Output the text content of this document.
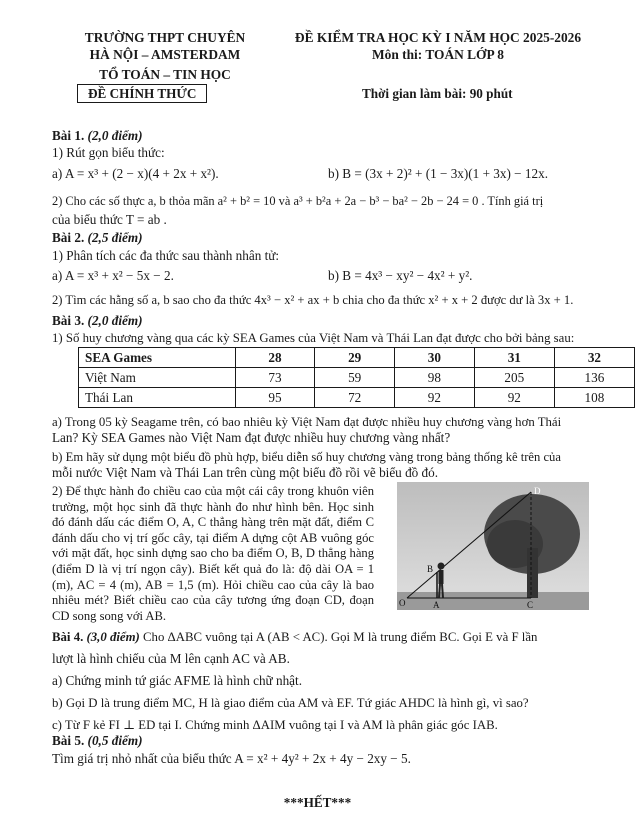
TRƯỜNG THPT CHUYÊN
HÀ NỘI – AMSTERDAM
TỔ TOÁN – TIN HỌC
ĐỀ CHÍNH THỨC
ĐỀ KIỂM TRA HỌC KỲ I NĂM HỌC 2025-2026
Môn thi: TOÁN LỚP 8
Thời gian làm bài: 90 phút
Bài 1. (2,0 điểm)
1) Rút gọn biểu thức:
a) A = x³ + (2 − x)(4 + 2x + x²).	b) B = (3x + 2)² + (1 − 3x)(1 + 3x) − 12x.
2) Cho các số thực a, b thỏa mãn a² + b² = 10 và a³ + b²a + 2a − b³ − ba² − 2b − 24 = 0 . Tính giá trị
của biểu thức T = ab .
Bài 2. (2,5 điểm)
1) Phân tích các đa thức sau thành nhân tử:
a) A = x³ + x² − 5x − 2.	b) B = 4x³ − xy² − 4x² + y².
2) Tìm các hằng số a, b sao cho đa thức 4x³ − x² + ax + b chia cho đa thức x² + x + 2 được dư là 3x + 1.
Bài 3. (2,0 điểm)
1) Số huy chương vàng qua các kỳ SEA Games của Việt Nam và Thái Lan đạt được cho bởi bảng sau:
SEA Games	28	29	30	31	32
Việt Nam	73	59	98	205	136
Thái Lan	95	72	92	92	108
a) Trong 05 kỳ Seagame trên, có bao nhiêu kỳ Việt Nam đạt được nhiều huy chương vàng hơn Thái
Lan? Kỳ SEA Games nào Việt Nam đạt được nhiều huy chương vàng nhất?
b) Em hãy sử dụng một biểu đồ phù hợp, biểu diễn số huy chương vàng trong bảng thống kê trên của
mỗi nước Việt Nam và Thái Lan trên cùng một biểu đồ rồi vẽ biểu đồ đó.
2) Để thực hành đo chiều cao của một cái cây trong khuôn viên trường, một học sinh đã thực hành đo như hình bên. Học sinh đó đánh dấu các điểm O, A, C thẳng hàng trên mặt đất, điểm C đánh dấu cho vị trí gốc cây, tại điểm A dựng cột AB vuông góc với mặt đất, học sinh dựng sao cho ba điểm O, B, D thẳng hàng (điểm D là vị trí ngọn cây). Biết kết quả đo là: độ dài OA = 1 (m), AC = 4 (m), AB = 1,5 (m). Hỏi chiều cao của cây là bao nhiêu mét? Biết chiều cao của cây tương ứng đoạn CD, đoạn CD song song với AB.
O	A
B
C
D
Bài 4. (3,0 điểm) Cho ΔABC vuông tại A (AB < AC). Gọi M là trung điểm BC. Gọi E và F lần
lượt là hình chiếu của M lên cạnh AC và AB.
a) Chứng minh tứ giác AFME là hình chữ nhật.
b) Gọi D là trung điểm MC, H là giao điểm của AM và EF. Tứ giác AHDC là hình gì, vì sao?
c) Từ F kẻ FI ⊥ ED tại I. Chứng minh ΔAIM vuông tại I và AM là phân giác góc IAB.
Bài 5. (0,5 điểm)
Tìm giá trị nhỏ nhất của biểu thức A = x² + 4y² + 2x + 4y − 2xy − 5.
***HẾT***
